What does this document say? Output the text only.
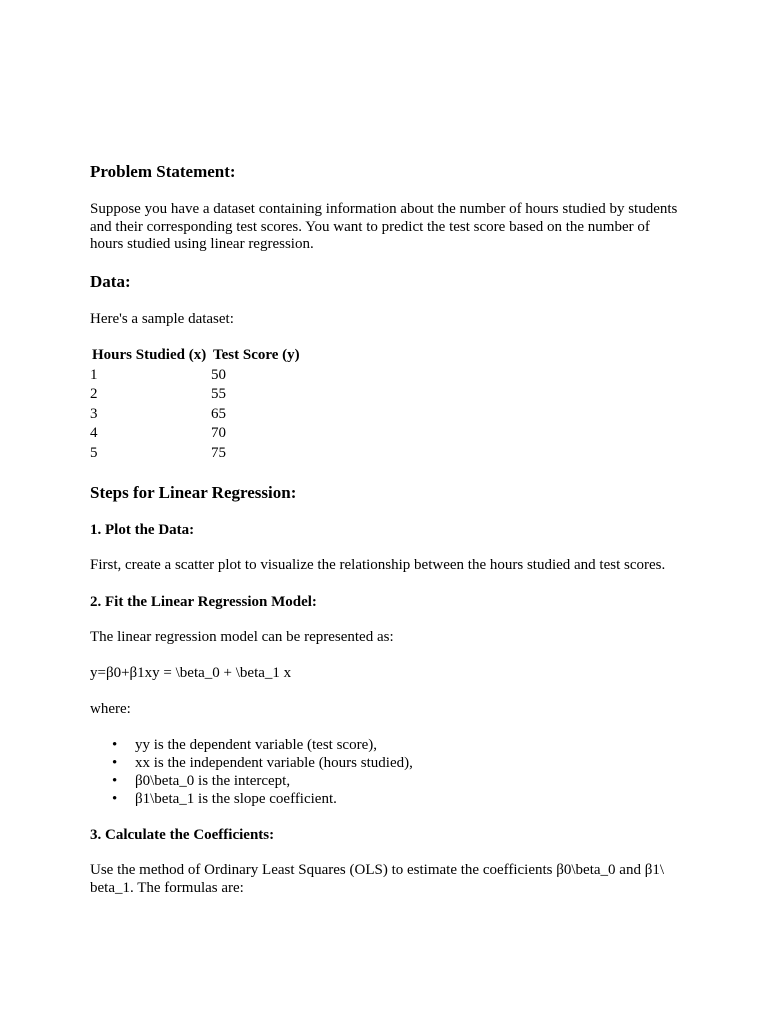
Problem Statement:

Suppose you have a dataset containing information about the number of hours studied by students and their corresponding test scores. You want to predict the test score based on the number of hours studied using linear regression.

Data:

Here's a sample dataset:

Hours Studied (x)	Test Score (y)
1	50
2	55
3	65
4	70
5	75
Steps for Linear Regression:
1. Plot the Data:

First, create a scatter plot to visualize the relationship between the hours studied and test scores.

2. Fit the Linear Regression Model:

The linear regression model can be represented as:

y=β0+β1xy = \beta_0 + \beta_1 x

where:

• yy is the dependent variable (test score),
• xx is the independent variable (hours studied),
• β0\beta_0 is the intercept,
• β1\beta_1 is the slope coefficient.
3. Calculate the Coefficients:

Use the method of Ordinary Least Squares (OLS) to estimate the coefficients β0\beta_0 and β1\

beta_1. The formulas are:
